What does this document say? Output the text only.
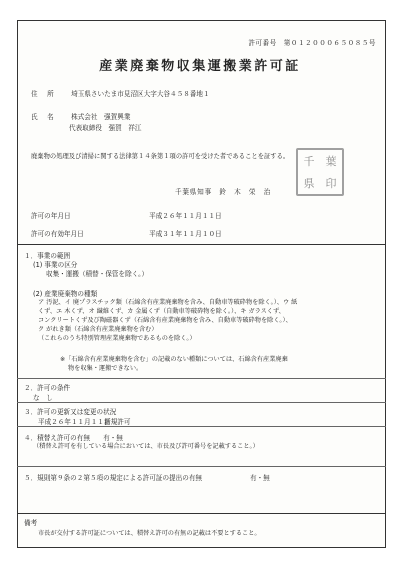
許可番号　第０１２０００６５０８５号
産業廃棄物収集運搬業許可証
住　所 埼玉県さいたま市見沼区大字大谷４５８番地１
氏　名 株式会社　强賀興業
代表取締役　强賀　祥江
廃棄物の処理及び清掃に関する法律第１４条第１項の許可を受けた者であることを証する。 千 葉
県 印
千葉県知事　鈴　木　栄　治
許可の年月日	平成２６年１１月１１日
許可の有効年月日	平成３１年１１月１０日
１．事業の範囲
(1) 事業の区分
収集・運搬（積替・保管を除く。）
(2) 産業廃棄物の種類
ア 汚泥、イ 廃プラスチック類（石綿含有産業廃棄物を含み、自動車等破砕物を除く。）、ウ 紙
くず、エ 木くず、オ 繊維くず、カ 金属くず（自動車等破砕物を除く。）、キ ガラスくず、
コンクリートくず及び陶磁器くず（石綿含有産業廃棄物を含み、自動車等破砕物を除く。）、
ク がれき類（石綿含有産業廃棄物を含む）
（これらのうち特別管理産業廃棄物であるものを除く。）
※「石綿含有産業廃棄物を含む」の記載のない種類については、石綿含有産業廃棄
物を収集・運搬できない。
２．許可の条件
な　し
３．許可の更新又は変更の状況
平成２６年１１月１１日 新規許可
４．積替え許可の有無　　有・無
（積替え許可を有している場合においては、市長及び許可番号を記載すること。）
５．規則第９条の２第５項の規定による許可証の提出の有無	有・無
備考
市長が交付する許可証については、積替え許可の有無の記載は不要とすること。
